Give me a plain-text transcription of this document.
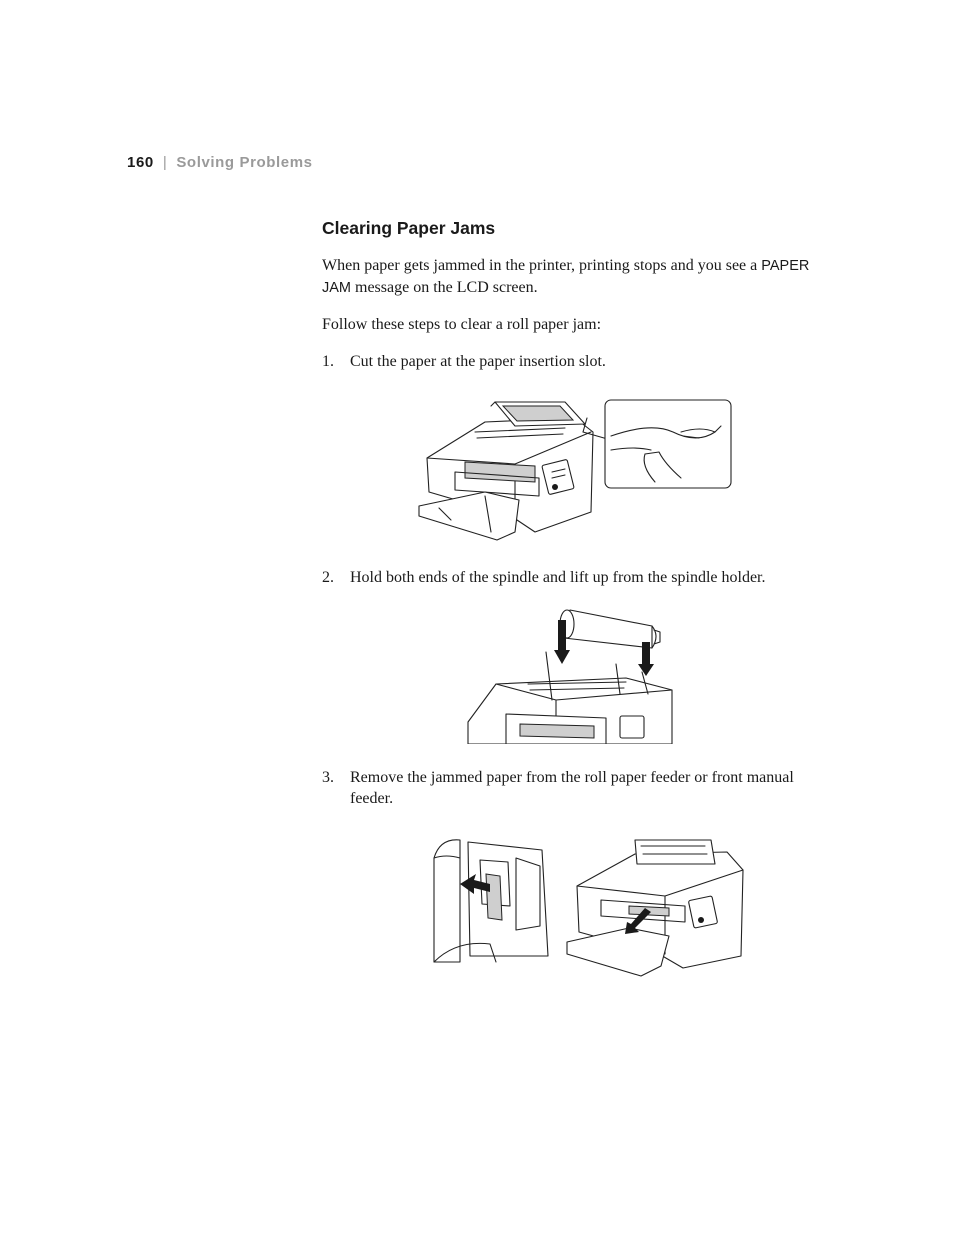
160 | Solving Problems
Clearing Paper Jams

When paper gets jammed in the printer, printing stops and you see a PAPER JAM message on the LCD screen.

Follow these steps to clear a roll paper jam:

1. Cut the paper at the paper insertion slot.
2. Hold both ends of the spindle and lift up from the spindle holder.
3. Remove the jammed paper from the roll paper feeder or front manual feeder.
